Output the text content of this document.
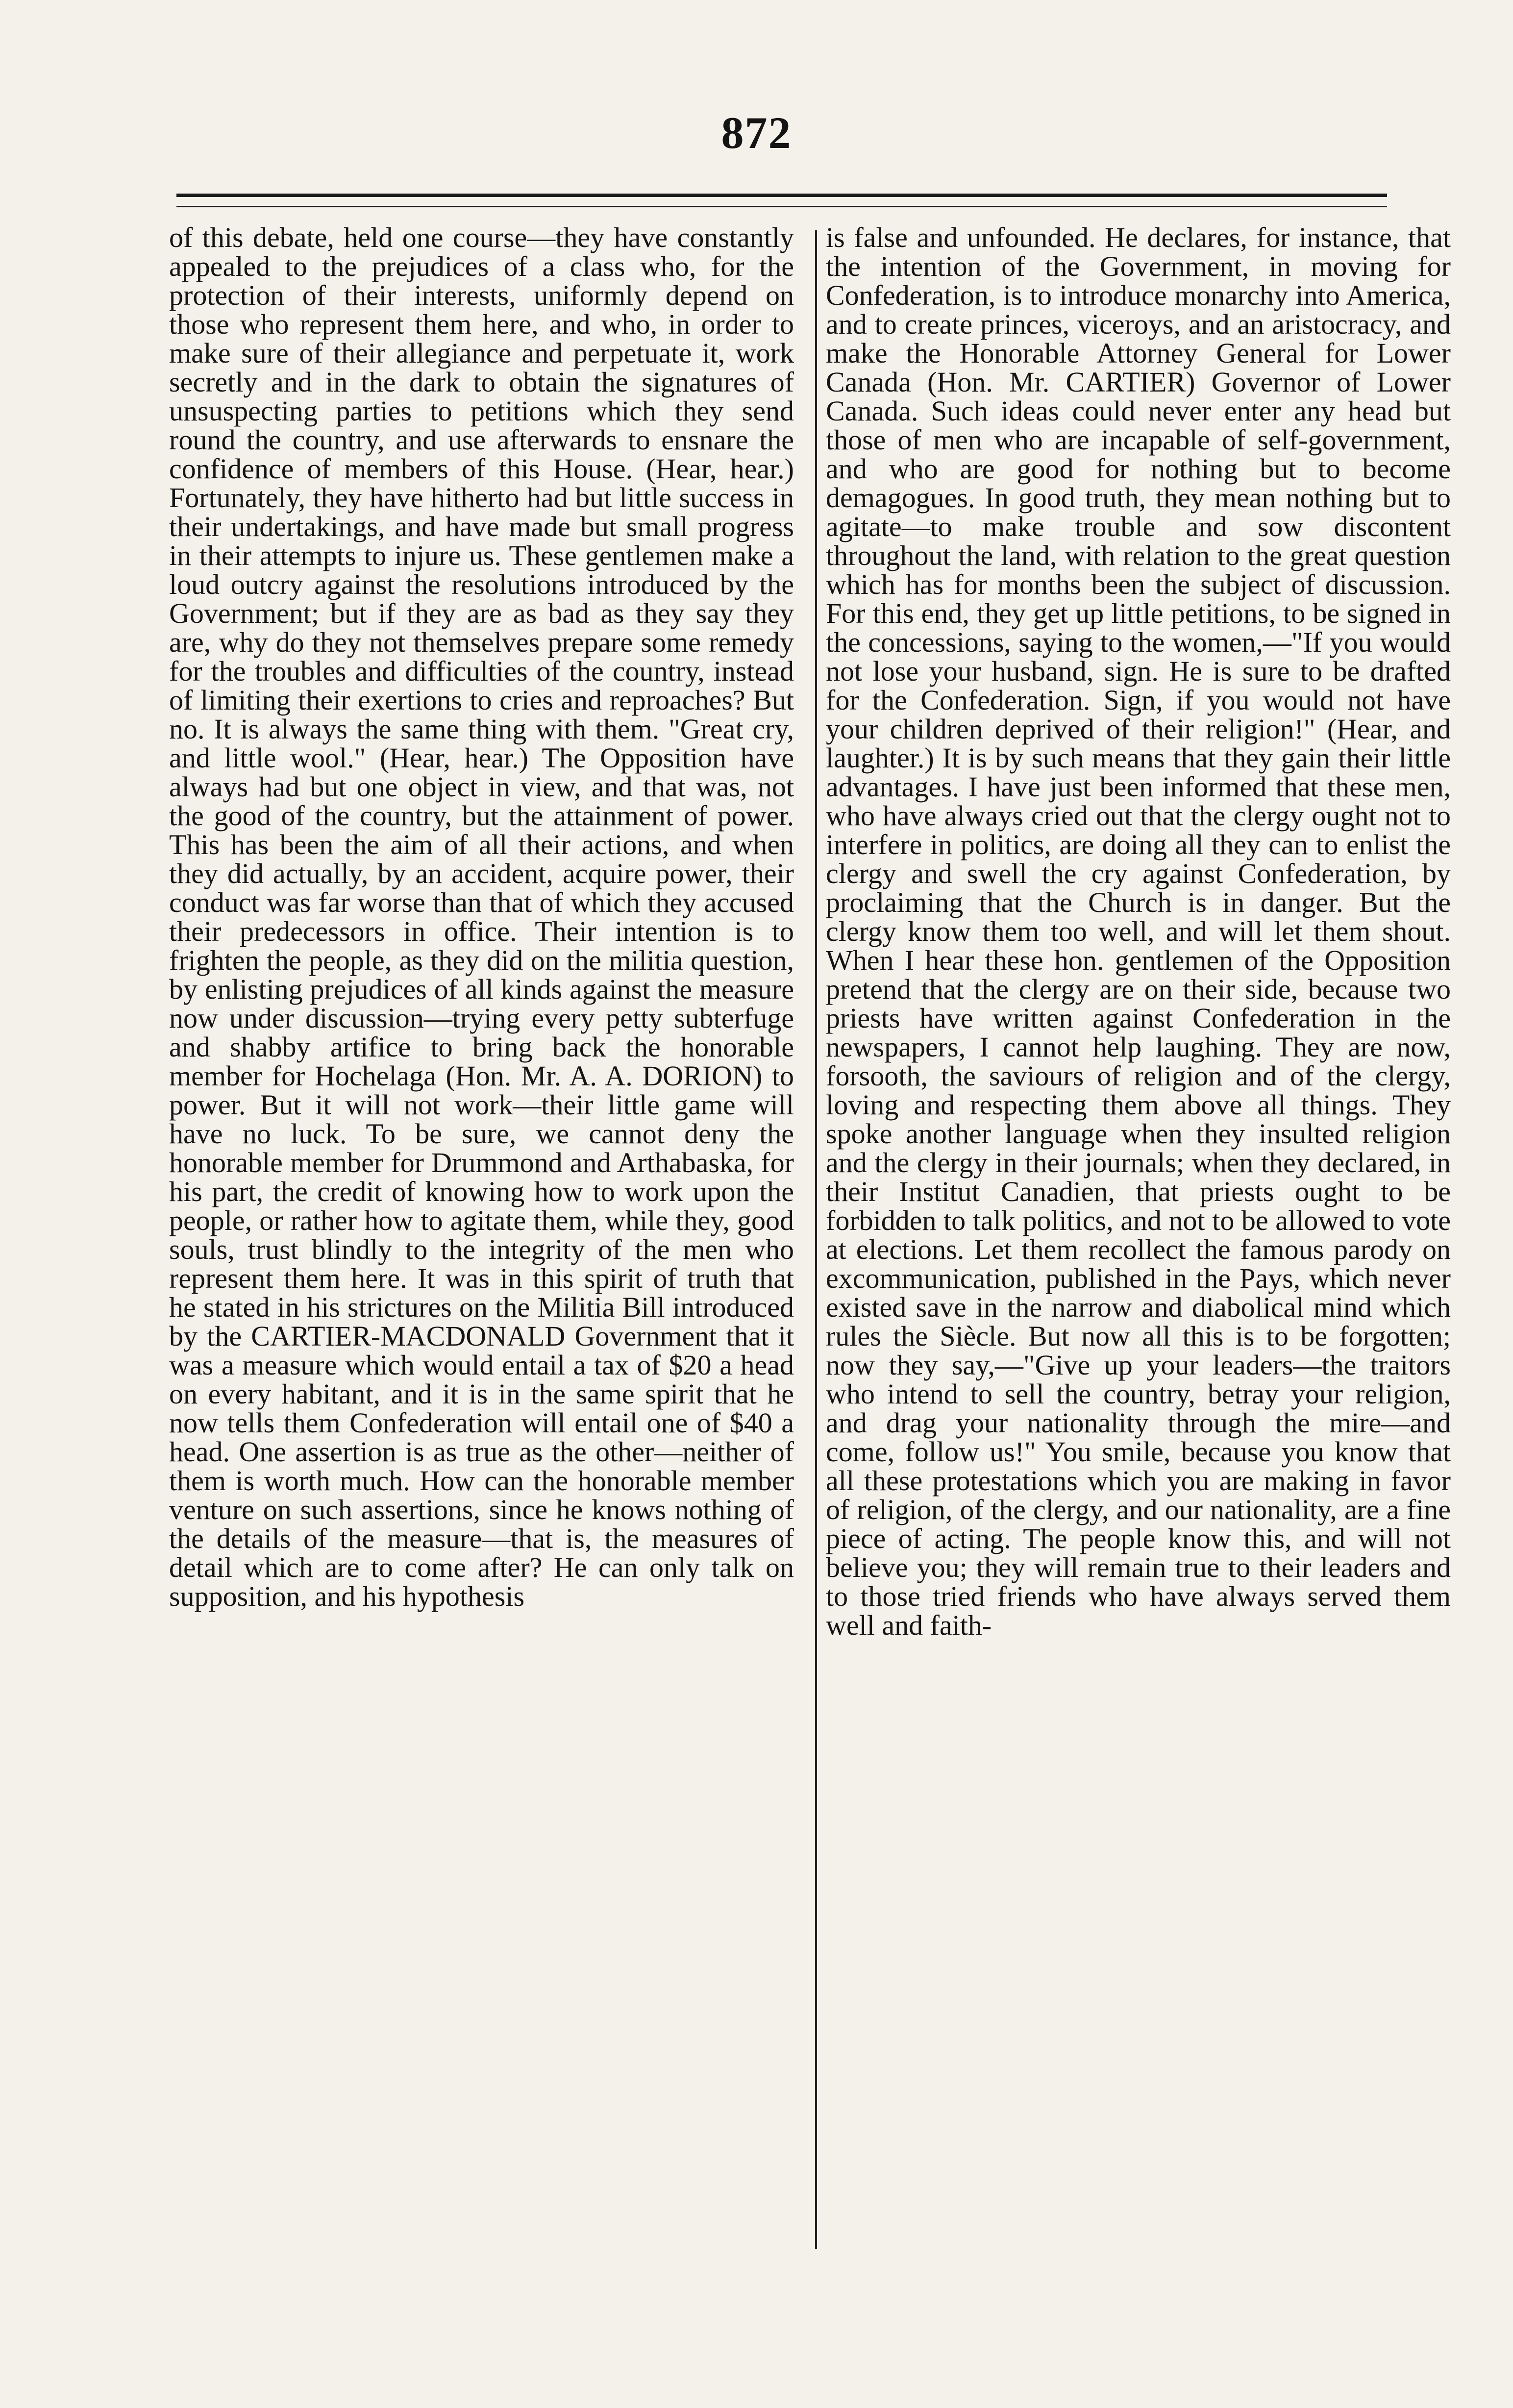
872

of this debate, held one course—they have constantly appealed to the prejudices of a class who, for the protection of their interests, uniformly depend on those who represent them here, and who, in order to make sure of their allegiance and perpetuate it, work secretly and in the dark to obtain the signatures of unsuspecting parties to petitions which they send round the country, and use afterwards to ensnare the confidence of members of this House. (Hear, hear.) Fortunately, they have hitherto had but little success in their undertakings, and have made but small progress in their attempts to injure us. These gentlemen make a loud outcry against the resolutions introduced by the Government; but if they are as bad as they say they are, why do they not themselves prepare some remedy for the troubles and difficulties of the country, instead of limiting their exertions to cries and reproaches? But no. It is always the same thing with them. "Great cry, and little wool." (Hear, hear.) The Opposition have always had but one object in view, and that was, not the good of the country, but the attainment of power. This has been the aim of all their actions, and when they did actually, by an accident, acquire power, their conduct was far worse than that of which they accused their predecessors in office. Their intention is to frighten the people, as they did on the militia question, by enlisting prejudices of all kinds against the measure now under discussion—trying every petty subterfuge and shabby artifice to bring back the honorable member for Hochelaga (Hon. Mr. A. A. DORION) to power. But it will not work—their little game will have no luck. To be sure, we cannot deny the honorable member for Drummond and Arthabaska, for his part, the credit of knowing how to work upon the people, or rather how to agitate them, while they, good souls, trust blindly to the integrity of the men who represent them here. It was in this spirit of truth that he stated in his strictures on the Militia Bill introduced by the CARTIER-MACDONALD Government that it was a measure which would entail a tax of $20 a head on every habitant, and it is in the same spirit that he now tells them Confederation will entail one of $40 a head. One assertion is as true as the other—neither of them is worth much. How can the honorable member venture on such assertions, since he knows nothing of the details of the measure—that is, the measures of detail which are to come after? He can only talk on supposition, and his hypothesis

is false and unfounded. He declares, for instance, that the intention of the Government, in moving for Confederation, is to introduce monarchy into America, and to create princes, viceroys, and an aristocracy, and make the Honorable Attorney General for Lower Canada (Hon. Mr. CARTIER) Governor of Lower Canada. Such ideas could never enter any head but those of men who are incapable of self-government, and who are good for nothing but to become demagogues. In good truth, they mean nothing but to agitate—to make trouble and sow discontent throughout the land, with relation to the great question which has for months been the subject of discussion. For this end, they get up little petitions, to be signed in the concessions, saying to the women,—"If you would not lose your husband, sign. He is sure to be drafted for the Confederation. Sign, if you would not have your children deprived of their religion!" (Hear, and laughter.) It is by such means that they gain their little advantages. I have just been informed that these men, who have always cried out that the clergy ought not to interfere in politics, are doing all they can to enlist the clergy and swell the cry against Confederation, by proclaiming that the Church is in danger. But the clergy know them too well, and will let them shout. When I hear these hon. gentlemen of the Opposition pretend that the clergy are on their side, because two priests have written against Confederation in the newspapers, I cannot help laughing. They are now, forsooth, the saviours of religion and of the clergy, loving and respecting them above all things. They spoke another language when they insulted religion and the clergy in their journals; when they declared, in their Institut Canadien, that priests ought to be forbidden to talk politics, and not to be allowed to vote at elections. Let them recollect the famous parody on excommunication, published in the Pays, which never existed save in the narrow and diabolical mind which rules the Siècle. But now all this is to be forgotten; now they say,—"Give up your leaders—the traitors who intend to sell the country, betray your religion, and drag your nationality through the mire—and come, follow us!" You smile, because you know that all these protestations which you are making in favor of religion, of the clergy, and our nationality, are a fine piece of acting. The people know this, and will not believe you; they will remain true to their leaders and to those tried friends who have always served them well and faith-
